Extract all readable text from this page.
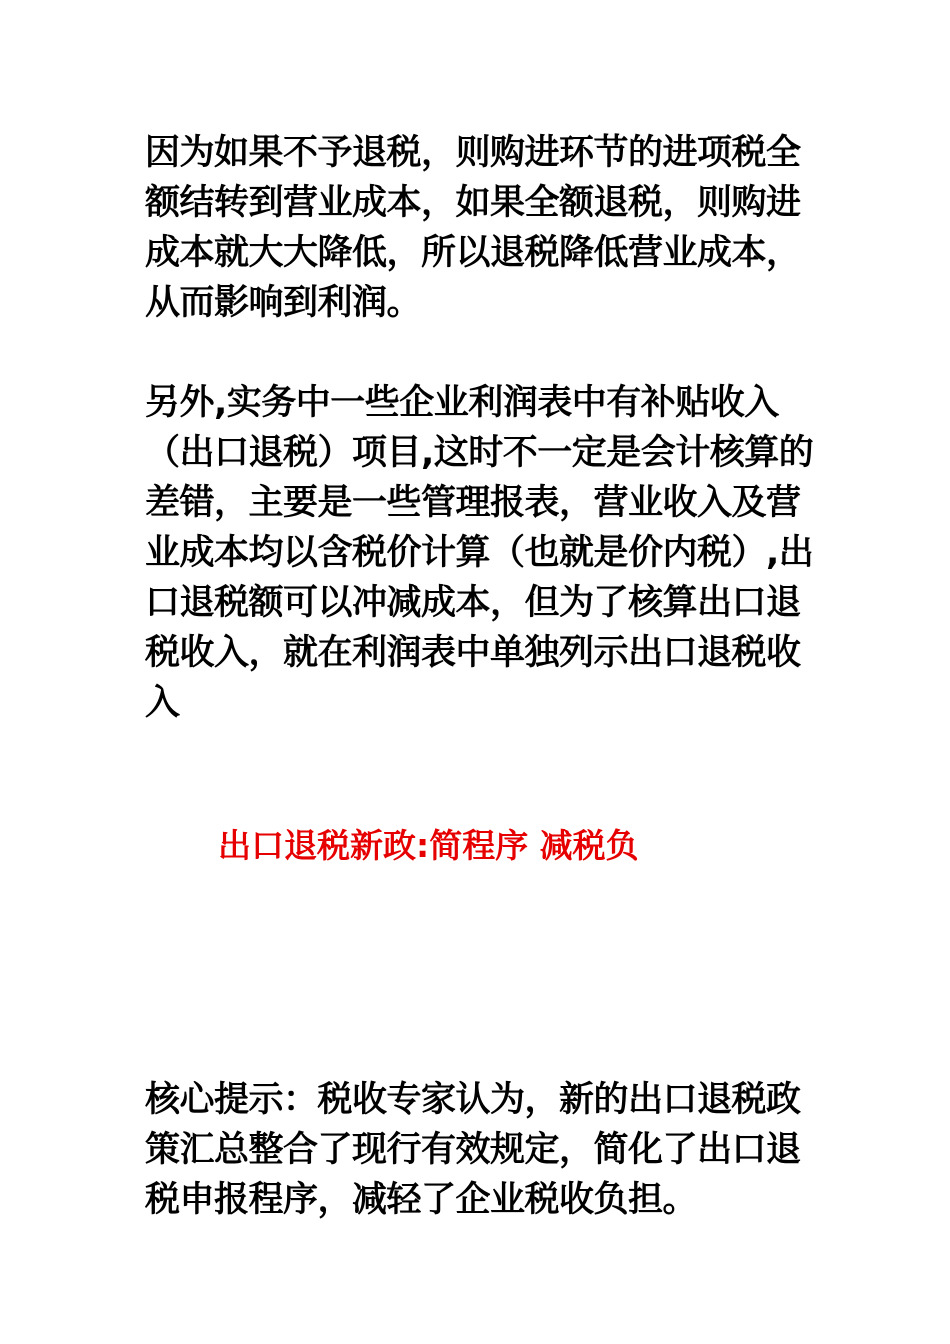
因为如果不予退税，则购进环节的进项税全
额结转到营业成本，如果全额退税，则购进
成本就大大降低，所以退税降低营业成本，
从而影响到利润。
另外,实务中一些企业利润表中有补贴收入
（出口退税）项目,这时不一定是会计核算的
差错，主要是一些管理报表，营业收入及营
业成本均以含税价计算（也就是价内税）,出
口退税额可以冲减成本，但为了核算出口退
税收入，就在利润表中单独列示出口退税收
入
出口退税新政:简程序 减税负
核心提示：税收专家认为，新的出口退税政
策汇总整合了现行有效规定，简化了出口退
税申报程序，减轻了企业税收负担。
